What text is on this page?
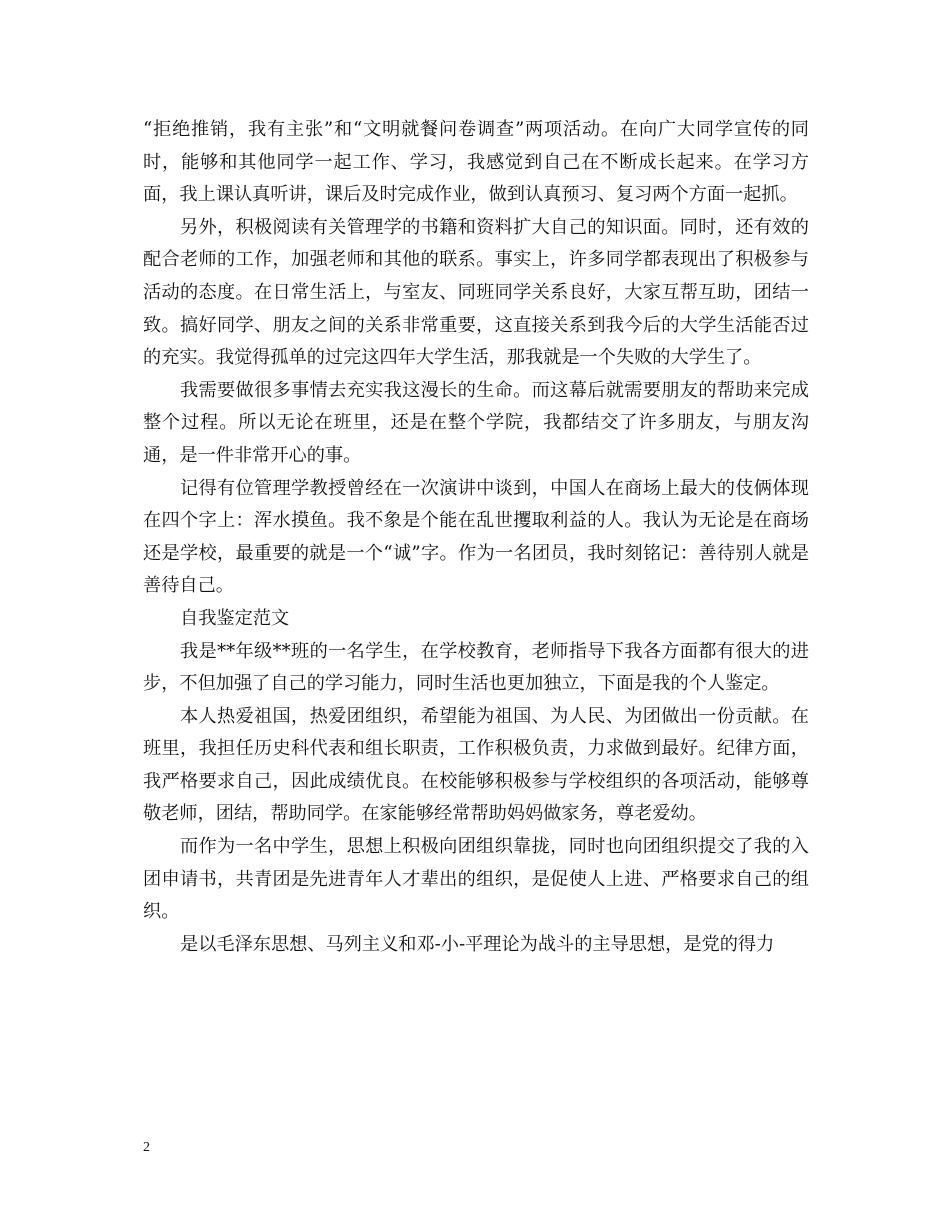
“拒绝推销，我有主张”和“文明就餐问卷调查”两项活动。在向广大同学宣传的同时，能够和其他同学一起工作、学习，我感觉到自己在不断成长起来。在学习方面，我上课认真听讲，课后及时完成作业，做到认真预习、复习两个方面一起抓。

另外，积极阅读有关管理学的书籍和资料扩大自己的知识面。同时，还有效的配合老师的工作，加强老师和其他的联系。事实上，许多同学都表现出了积极参与活动的态度。在日常生活上，与室友、同班同学关系良好，大家互帮互助，团结一致。搞好同学、朋友之间的关系非常重要，这直接关系到我今后的大学生活能否过的充实。我觉得孤单的过完这四年大学生活，那我就是一个失败的大学生了。

我需要做很多事情去充实我这漫长的生命。而这幕后就需要朋友的帮助来完成整个过程。所以无论在班里，还是在整个学院，我都结交了许多朋友，与朋友沟通，是一件非常开心的事。

记得有位管理学教授曾经在一次演讲中谈到，中国人在商场上最大的伎俩体现在四个字上：浑水摸鱼。我不象是个能在乱世攫取利益的人。我认为无论是在商场还是学校，最重要的就是一个“诚”字。作为一名团员，我时刻铭记：善待别人就是善待自己。

自我鉴定范文

我是**年级**班的一名学生，在学校教育，老师指导下我各方面都有很大的进步，不但加强了自己的学习能力，同时生活也更加独立，下面是我的个人鉴定。

本人热爱祖国，热爱团组织，希望能为祖国、为人民、为团做出一份贡献。在班里，我担任历史科代表和组长职责，工作积极负责，力求做到最好。纪律方面，我严格要求自己，因此成绩优良。在校能够积极参与学校组织的各项活动，能够尊敬老师，团结，帮助同学。在家能够经常帮助妈妈做家务，尊老爱幼。

而作为一名中学生，思想上积极向团组织靠拢，同时也向团组织提交了我的入团申请书，共青团是先进青年人才辈出的组织，是促使人上进、严格要求自己的组织。

是以毛泽东思想、马列主义和邓-小-平理论为战斗的主导思想，是党的得力

2
